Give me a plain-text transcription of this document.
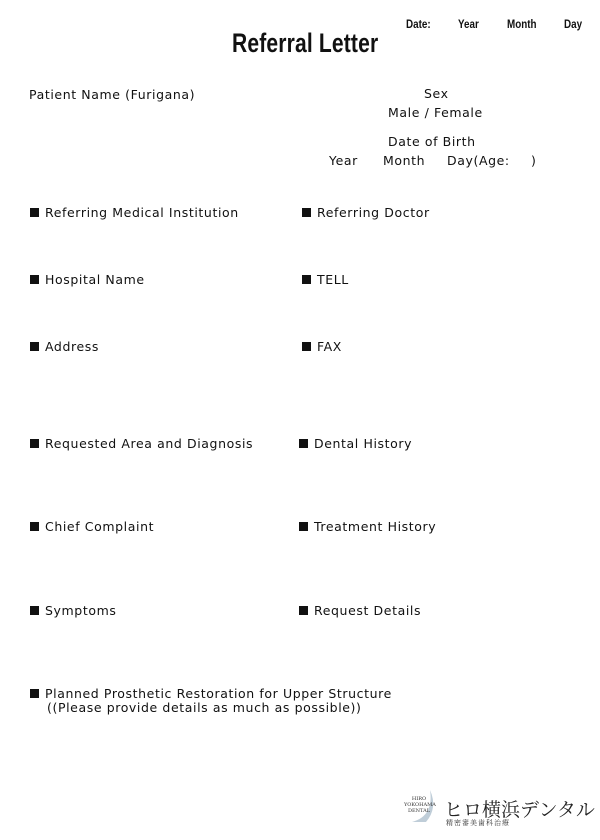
Date: Year Month Day
Referral Letter
Patient Name (Furigana)	Sex
Male / Female
Date of Birth
Year Month Day(Age: )
Referring Medical Institution	Referring Doctor
Hospital Name	TELL
Address	FAX
Requested Area and Diagnosis	Dental History
Chief Complaint	Treatment History
Symptoms	Request Details
Planned Prosthetic Restoration for Upper Structure
((Please provide details as much as possible))
HIRO
YOKOHAMA
DENTAL ヒロ横浜デンタル
精密審美歯科治療
